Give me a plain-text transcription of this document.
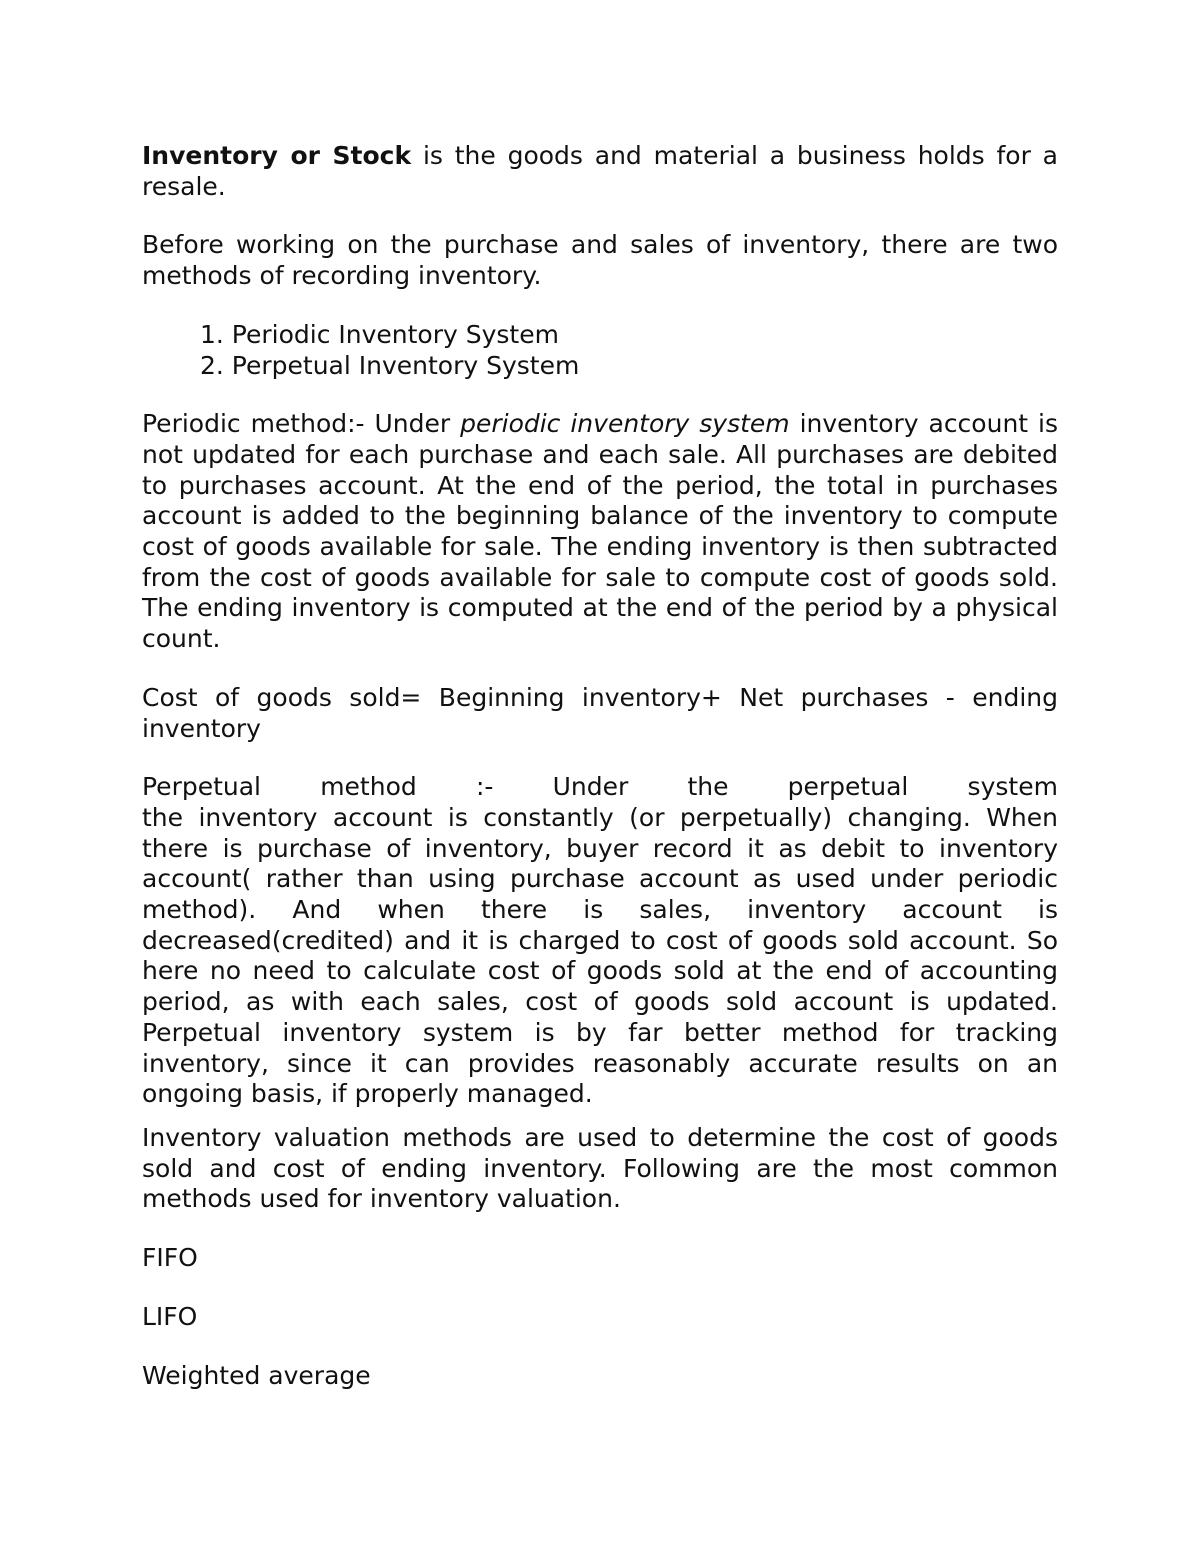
Inventory or Stock is the goods and material a business holds for a resale.

Before working on the purchase and sales of inventory, there are two methods of recording inventory.

1. Periodic Inventory System
2. Perpetual Inventory System

Periodic method:- Under periodic inventory system inventory account is not updated for each purchase and each sale. All purchases are debited to purchases account. At the end of the period, the total in purchases account is added to the beginning balance of the inventory to compute cost of goods available for sale. The ending inventory is then subtracted from the cost of goods available for sale to compute cost of goods sold. The ending inventory is computed at the end of the period by a physical count.

Cost of goods sold= Beginning inventory+ Net purchases - ending inventory

Perpetual method :- Under the perpetual system
the inventory account is constantly (or perpetually) changing. When there is purchase of inventory, buyer record it as debit to inventory account( rather than using purchase account as used under periodic method). And when there is sales, inventory account is decreased(credited) and it is charged to cost of goods sold account. So here no need to calculate cost of goods sold at the end of accounting period, as with each sales, cost of goods sold account is updated. Perpetual inventory system is by far better method for tracking inventory, since it can provides reasonably accurate results on an ongoing basis, if properly managed.

Inventory valuation methods are used to determine the cost of goods sold and cost of ending inventory. Following are the most common methods used for inventory valuation.

FIFO

LIFO

Weighted average
